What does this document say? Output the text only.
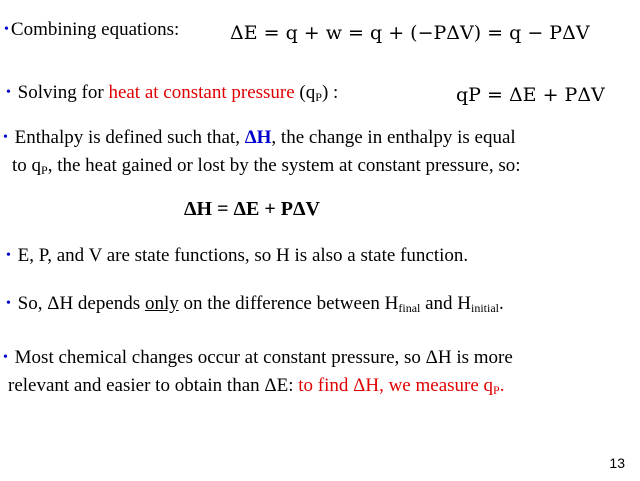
• Combining equations:	ΔE = q + w = q + (−PΔV) = q − PΔV
• Solving for heat at constant pressure $(q_P)$ :	qP = ΔE + PΔV
• Enthalpy is defined such that, ΔH, the change in enthalpy is equal
to $q_P$, the heat gained or lost by the system at constant pressure, so:
ΔH = ΔE + PΔV
• E, P, and V are state functions, so H is also a state function.
• So, ΔH depends only on the difference between $H_{final}$ and $H_{initial}$.
• Most chemical changes occur at constant pressure, so ΔH is more
relevant and easier to obtain than ΔE: to find ΔH, we measure $q_P$.
13
